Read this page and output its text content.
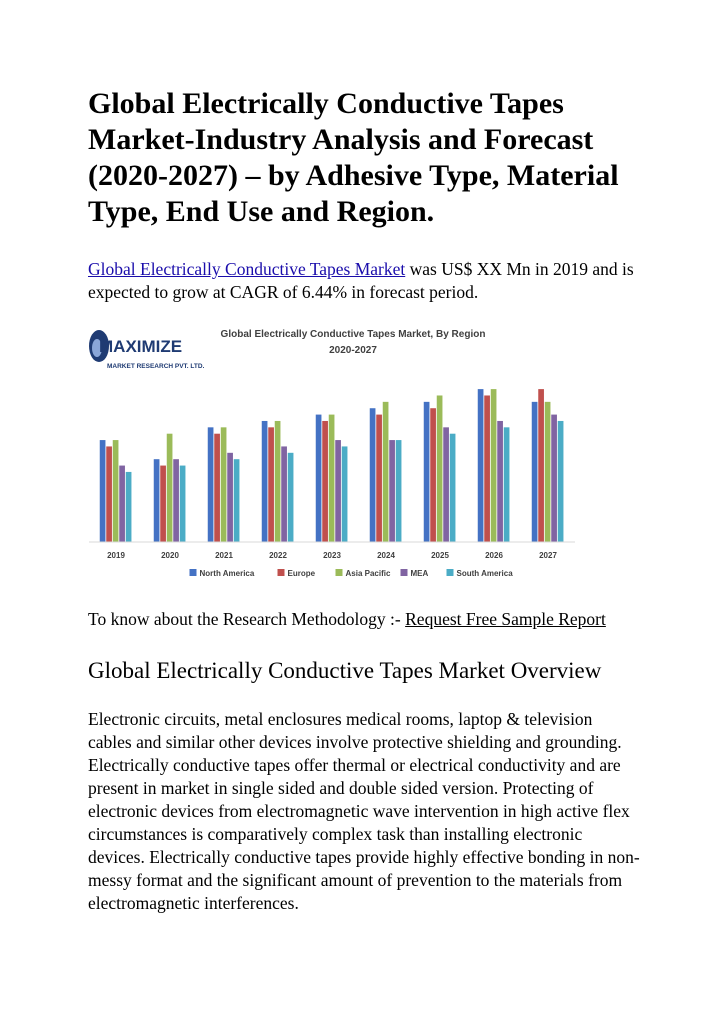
Global Electrically Conductive Tapes Market-Industry Analysis and Forecast (2020-2027) – by Adhesive Type, Material Type, End Use and Region.

Global Electrically Conductive Tapes Market was US$ XX Mn in 2019 and is expected to grow at CAGR of 6.44% in forecast period.

MAXIMIZE
MARKET RESEARCH PVT. LTD.
Global Electrically Conductive Tapes Market, By Region
2020-2027
2019	2020	2021	2022	2023	2024	2025	2026	2027
North America	Europe	Asia Pacific	MEA	South America

To know about the Research Methodology :- Request Free Sample Report

Global Electrically Conductive Tapes Market Overview

Electronic circuits, metal enclosures medical rooms, laptop & television cables and similar other devices involve protective shielding and grounding. Electrically conductive tapes offer thermal or electrical conductivity and are present in market in single sided and double sided version. Protecting of electronic devices from electromagnetic wave intervention in high active flex circumstances is comparatively complex task than installing electronic devices. Electrically conductive tapes provide highly effective bonding in non-messy format and the significant amount of prevention to the materials from electromagnetic interferences.
